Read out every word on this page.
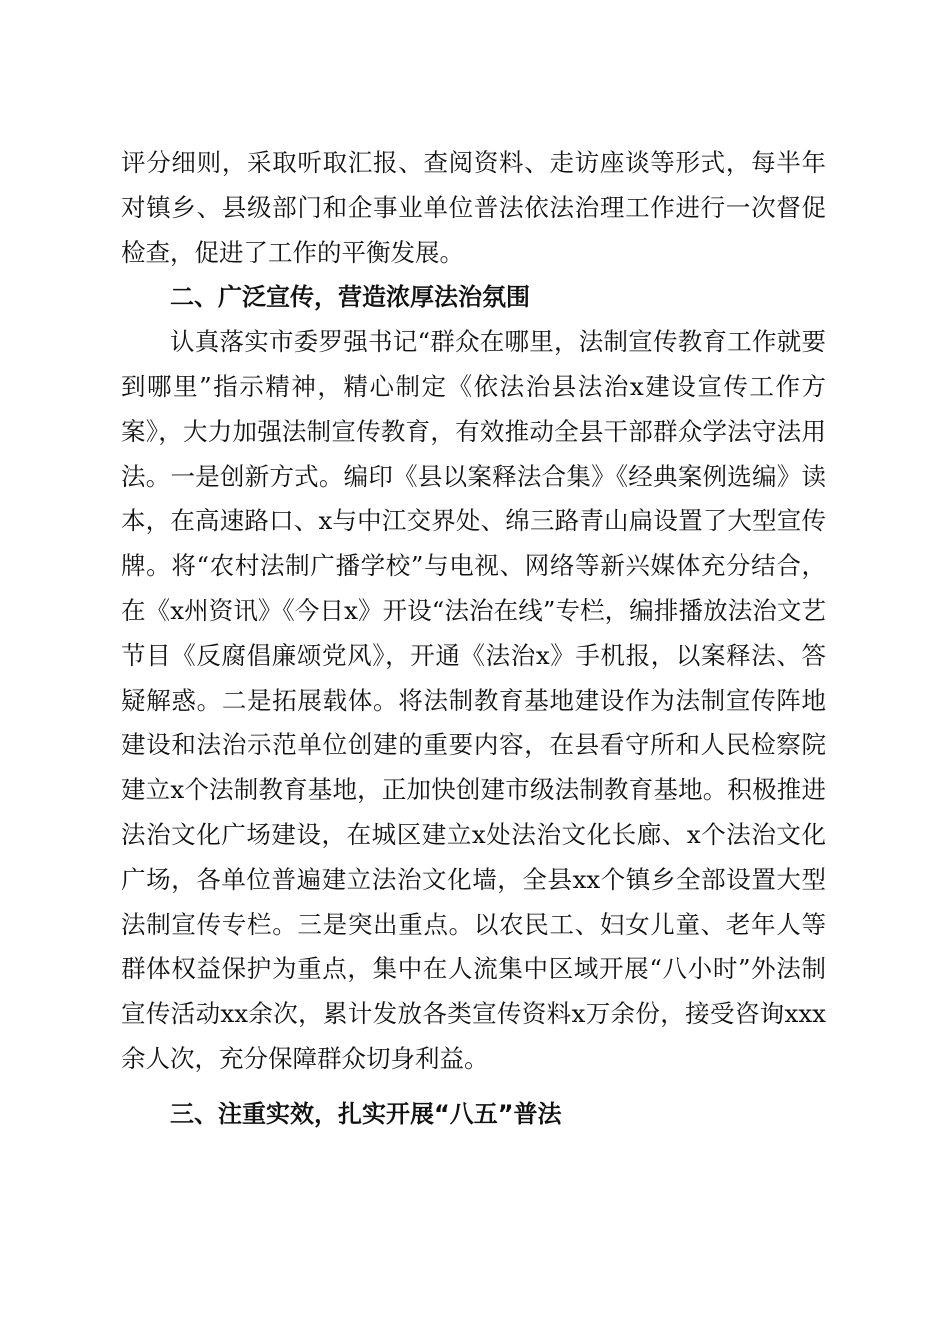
评分细则，采取听取汇报、查阅资料、走访座谈等形式，每半年对镇乡、县级部门和企事业单位普法依法治理工作进行一次督促检查，促进了工作的平衡发展。

二、广泛宣传，营造浓厚法治氛围

认真落实市委罗强书记“群众在哪里，法制宣传教育工作就要到哪里”指示精神，精心制定《依法治县法治x建设宣传工作方案》，大力加强法制宣传教育，有效推动全县干部群众学法守法用法。一是创新方式。编印《县以案释法合集》《经典案例选编》读本，在高速路口、x与中江交界处、绵三路青山扁设置了大型宣传牌。将“农村法制广播学校”与电视、网络等新兴媒体充分结合，在《x州资讯》《今日x》开设“法治在线”专栏，编排播放法治文艺节目《反腐倡廉颂党风》，开通《法治x》手机报，以案释法、答疑解惑。二是拓展载体。将法制教育基地建设作为法制宣传阵地建设和法治示范单位创建的重要内容，在县看守所和人民检察院建立x个法制教育基地，正加快创建市级法制教育基地。积极推进法治文化广场建设，在城区建立x处法治文化长廊、x个法治文化广场，各单位普遍建立法治文化墙，全县xx个镇乡全部设置大型法制宣传专栏。三是突出重点。以农民工、妇女儿童、老年人等群体权益保护为重点，集中在人流集中区域开展“八小时”外法制宣传活动xx余次，累计发放各类宣传资料x万余份，接受咨询xxx余人次，充分保障群众切身利益。

三、注重实效，扎实开展“八五”普法
